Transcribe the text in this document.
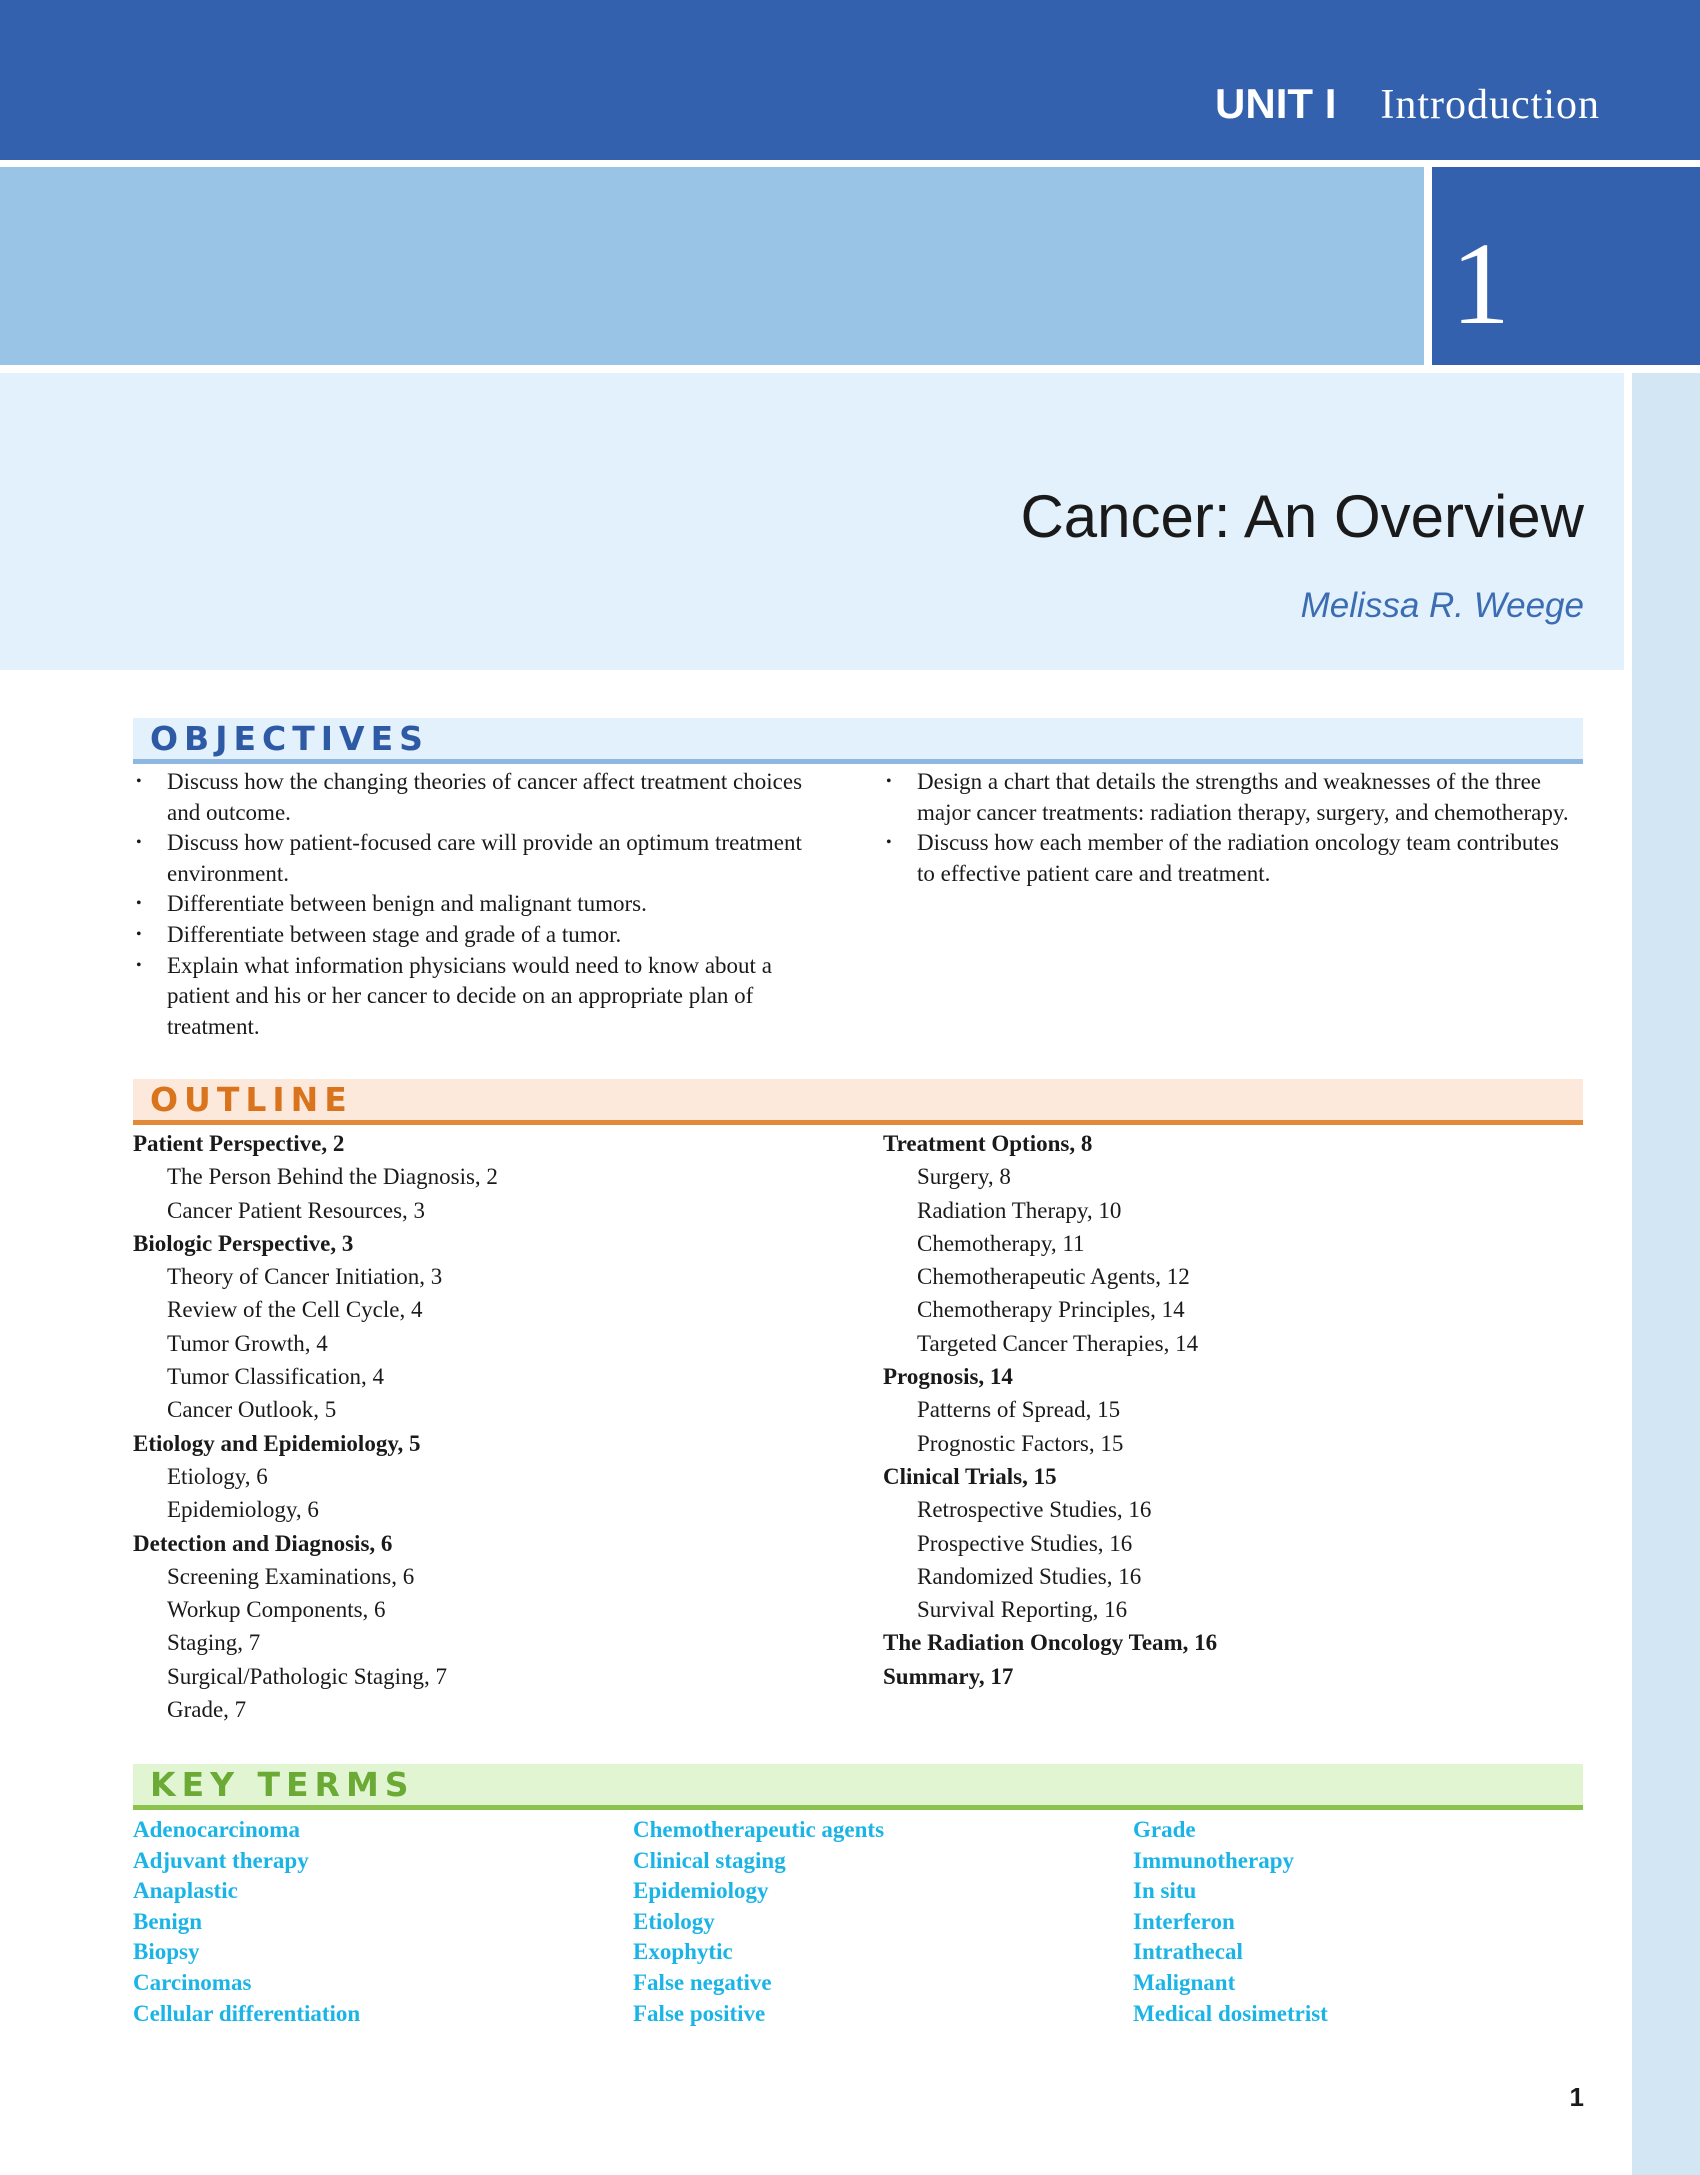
UNIT I Introduction
1
Cancer: An Overview
Melissa R. Weege
OBJECTIVES
• Discuss how the changing theories of cancer affect treatment choices and outcome.
• Discuss how patient-focused care will provide an optimum treatment environment.
• Differentiate between benign and malignant tumors.
• Differentiate between stage and grade of a tumor.
• Explain what information physicians would need to know about a patient and his or her cancer to decide on an appropriate plan of treatment.
• Design a chart that details the strengths and weaknesses of the three major cancer treatments: radiation therapy, surgery, and chemotherapy.
• Discuss how each member of the radiation oncology team contributes to effective patient care and treatment.
OUTLINE
Patient Perspective, 2
The Person Behind the Diagnosis, 2
Cancer Patient Resources, 3
Biologic Perspective, 3
Theory of Cancer Initiation, 3
Review of the Cell Cycle, 4
Tumor Growth, 4
Tumor Classification, 4
Cancer Outlook, 5
Etiology and Epidemiology, 5
Etiology, 6
Epidemiology, 6
Detection and Diagnosis, 6
Screening Examinations, 6
Workup Components, 6
Staging, 7
Surgical/Pathologic Staging, 7
Grade, 7
Treatment Options, 8
Surgery, 8
Radiation Therapy, 10
Chemotherapy, 11
Chemotherapeutic Agents, 12
Chemotherapy Principles, 14
Targeted Cancer Therapies, 14
Prognosis, 14
Patterns of Spread, 15
Prognostic Factors, 15
Clinical Trials, 15
Retrospective Studies, 16
Prospective Studies, 16
Randomized Studies, 16
Survival Reporting, 16
The Radiation Oncology Team, 16
Summary, 17
KEY TERMS
Adenocarcinoma
Adjuvant therapy
Anaplastic
Benign
Biopsy
Carcinomas
Cellular differentiation
Chemotherapeutic agents
Clinical staging
Epidemiology
Etiology
Exophytic
False negative
False positive
Grade
Immunotherapy
In situ
Interferon
Intrathecal
Malignant
Medical dosimetrist
1
